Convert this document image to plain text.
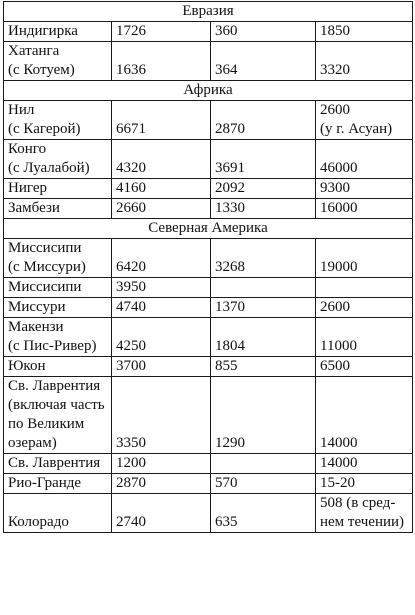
Евразия			

Индигирка	1726	360	1850

Хатанга
(с Котуем)	1636	364	3320

Африка			

Нил
(с Кагерой)	6671	2870	2600
(у г. Асуан)

Конго
(с Луалабой)	4320	3691	46000

Нигер	4160	2092	9300

Замбези	2660	1330	16000

Северная Америка			

Миссисипи
(с Миссури)	6420	3268	19000

Миссисипи	3950		

Миссури	4740	1370	2600

Макензи
(с Пис-Ривер)	4250	1804	11000

Юкон	3700	855	6500

Св. Лаврентия
(включая часть
по Великим
озерам)	3350	1290	14000

Св. Лаврентия	1200		14000

Рио-Гранде	2870	570	15-20

Колорадо	2740	635	508 (в сред-
нем течении)
